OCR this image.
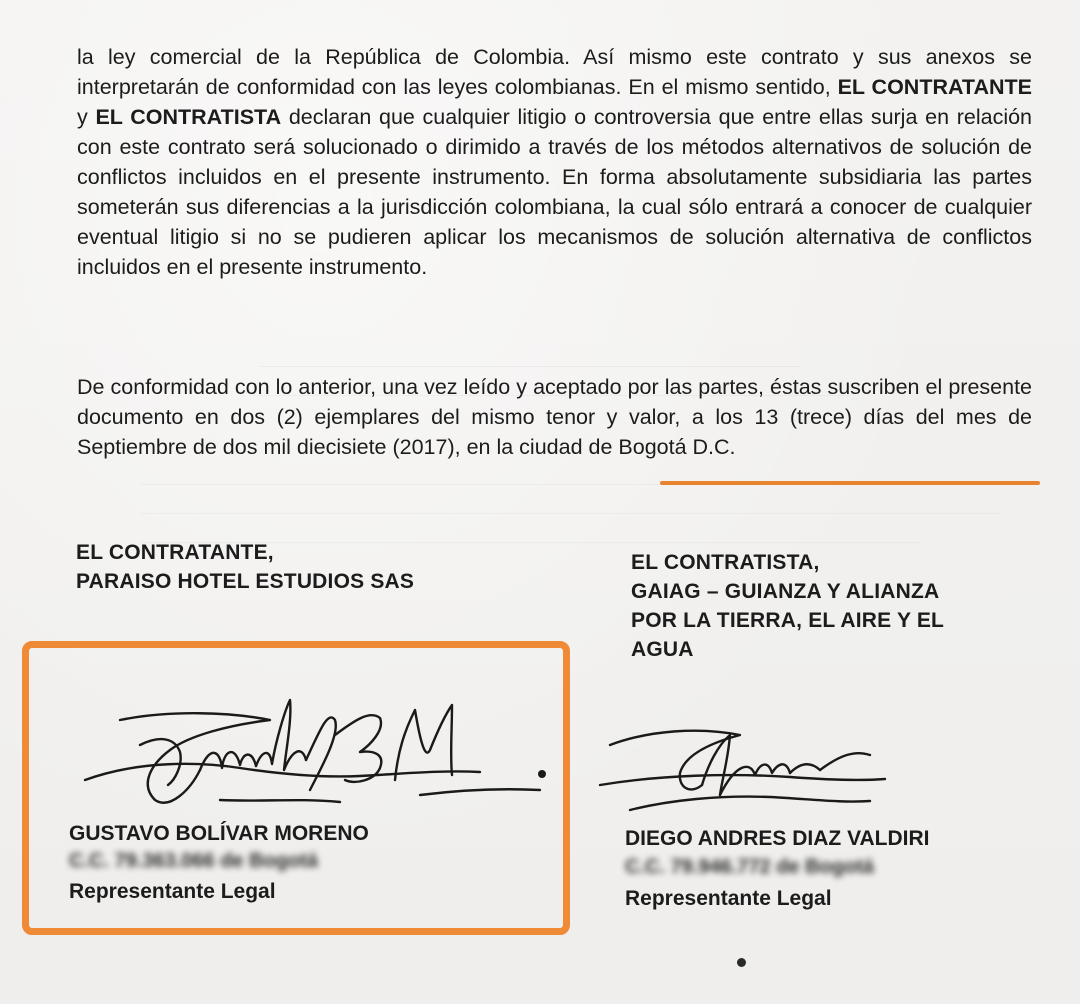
la ley comercial de la República de Colombia. Así mismo este contrato y sus anexos se interpretarán de conformidad con las leyes colombianas. En el mismo sentido, EL CONTRATANTE y EL CONTRATISTA declaran que cualquier litigio o controversia que entre ellas surja en relación con este contrato será solucionado o dirimido a través de los métodos alternativos de solución de conflictos incluidos en el presente instrumento. En forma absolutamente subsidiaria las partes someterán sus diferencias a la jurisdicción colombiana, la cual sólo entrará a conocer de cualquier eventual litigio si no se pudieren aplicar los mecanismos de solución alternativa de conflictos incluidos en el presente instrumento.

De conformidad con lo anterior, una vez leído y aceptado por las partes, éstas suscriben el presente documento en dos (2) ejemplares del mismo tenor y valor, a los 13 (trece) días del mes de Septiembre de dos mil diecisiete (2017), en la ciudad de Bogotá D.C.

EL CONTRATANTE,
PARAISO HOTEL ESTUDIOS SAS
EL CONTRATISTA,
GAIAG – GUIANZA Y ALIANZA
POR LA TIERRA, EL AIRE Y EL
AGUA

GUSTAVO BOLÍVAR MORENO

C.C. 79.363.066 de Bogotá

Representante Legal

DIEGO ANDRES DIAZ VALDIRI

C.C. 79.946.772 de Bogotá

Representante Legal
